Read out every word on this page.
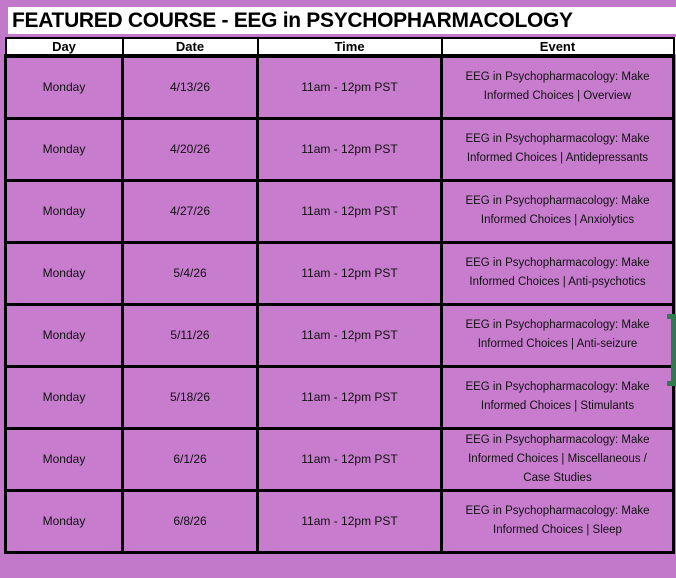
FEATURED COURSE - EEG in PSYCHOPHARMACOLOGY
Day	Date	Time	Event
Monday	4/13/26	11am - 12pm PST	EEG in Psychopharmacology: Make Informed Choices | Overview
Monday	4/20/26	11am - 12pm PST	EEG in Psychopharmacology: Make Informed Choices | Antidepressants
Monday	4/27/26	11am - 12pm PST	EEG in Psychopharmacology: Make Informed Choices | Anxiolytics
Monday	5/4/26	11am - 12pm PST	EEG in Psychopharmacology: Make Informed Choices | Anti-psychotics
Monday	5/11/26	11am - 12pm PST	EEG in Psychopharmacology: Make Informed Choices | Anti-seizure
Monday	5/18/26	11am - 12pm PST	EEG in Psychopharmacology: Make Informed Choices | Stimulants
Monday	6/1/26	11am - 12pm PST	EEG in Psychopharmacology: Make Informed Choices | Miscellaneous / Case Studies
Monday	6/8/26	11am - 12pm PST	EEG in Psychopharmacology: Make Informed Choices | Sleep
